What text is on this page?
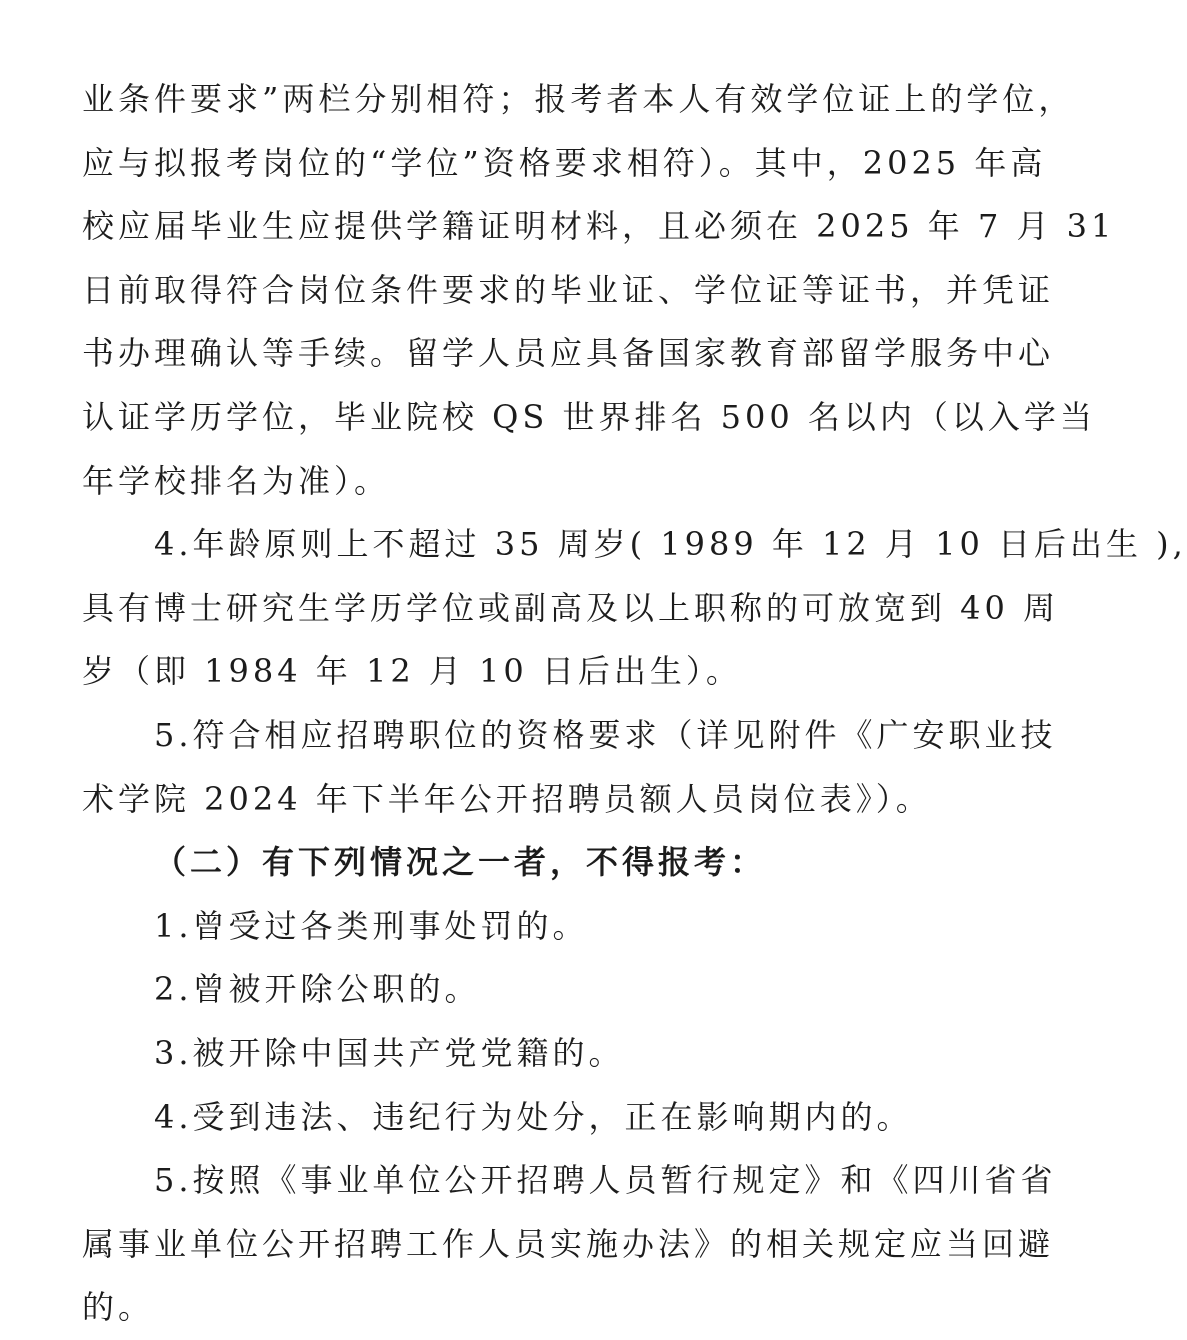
业条件要求”两栏分别相符；报考者本人有效学位证上的学位，
应与拟报考岗位的“学位”资格要求相符）。其中，2025 年高
校应届毕业生应提供学籍证明材料，且必须在 2025 年 7 月 31
日前取得符合岗位条件要求的毕业证、学位证等证书，并凭证
书办理确认等手续。留学人员应具备国家教育部留学服务中心
认证学历学位，毕业院校 QS 世界排名 500 名以内（以入学当
年学校排名为准）。
4.年龄原则上不超过 35 周岁( 1989 年 12 月 10 日后出生 ),
具有博士研究生学历学位或副高及以上职称的可放宽到 40 周
岁（即 1984 年 12 月 10 日后出生）。
5.符合相应招聘职位的资格要求（详见附件《广安职业技
术学院 2024 年下半年公开招聘员额人员岗位表》）。
（二）有下列情况之一者，不得报考：
1.曾受过各类刑事处罚的。
2.曾被开除公职的。
3.被开除中国共产党党籍的。
4.受到违法、违纪行为处分，正在影响期内的。
5.按照《事业单位公开招聘人员暂行规定》和《四川省省
属事业单位公开招聘工作人员实施办法》的相关规定应当回避
的。
